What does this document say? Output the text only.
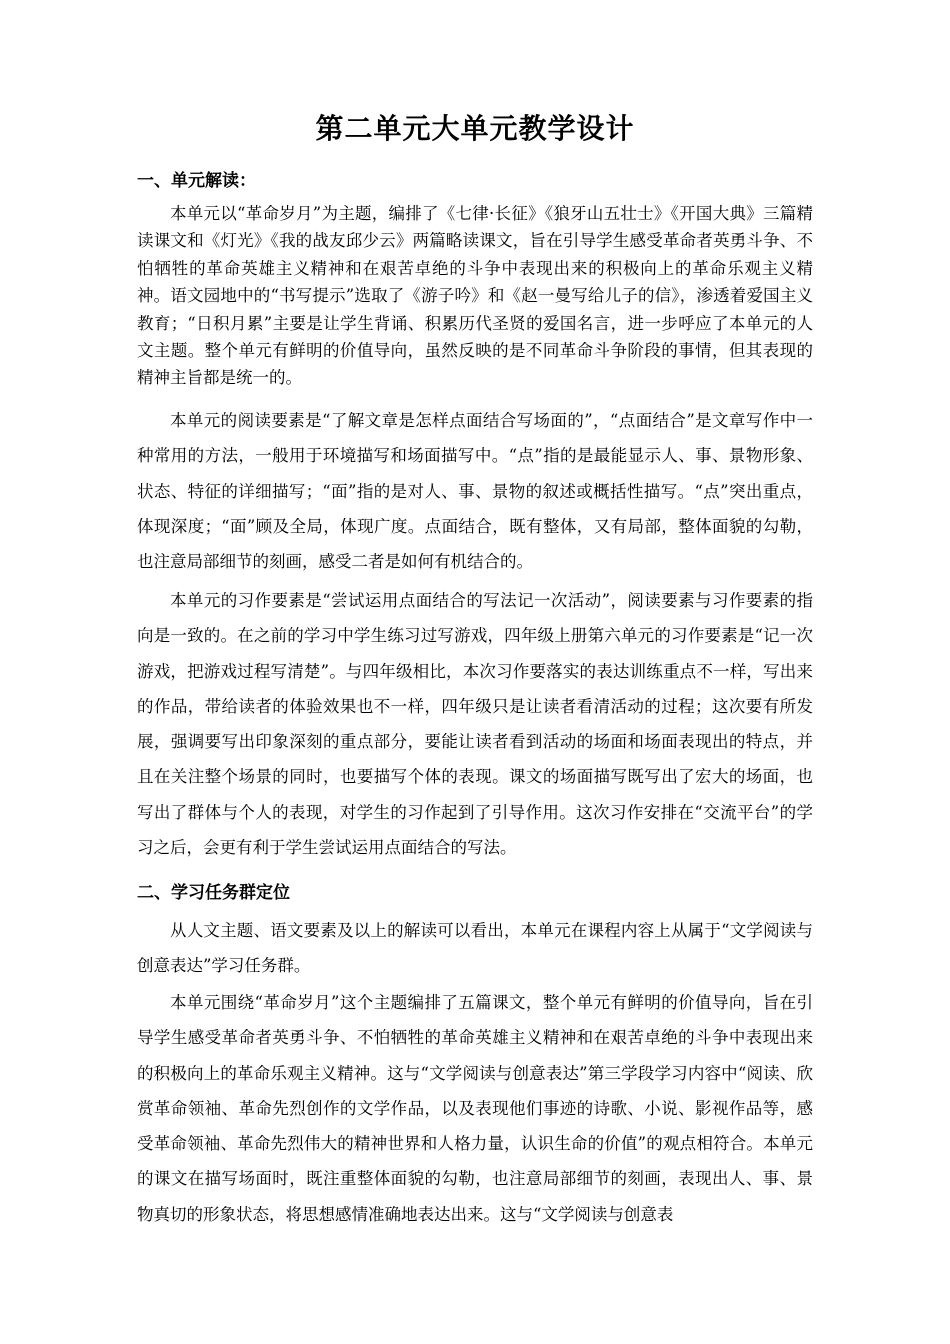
第二单元大单元教学设计
一、单元解读：

本单元以“革命岁月”为主题，编排了《七律·长征》《狼牙山五壮士》《开国大典》三篇精读课文和《灯光》《我的战友邱少云》两篇略读课文，旨在引导学生感受革命者英勇斗争、不怕牺牲的革命英雄主义精神和在艰苦卓绝的斗争中表现出来的积极向上的革命乐观主义精神。语文园地中的“书写提示”选取了《游子吟》和《赵一曼写给儿子的信》，渗透着爱国主义教育；“日积月累”主要是让学生背诵、积累历代圣贤的爱国名言，进一步呼应了本单元的人文主题。整个单元有鲜明的价值导向，虽然反映的是不同革命斗争阶段的事情，但其表现的精神主旨都是统一的。

本单元的阅读要素是“了解文章是怎样点面结合写场面的”，“点面结合”是文章写作中一种常用的方法，一般用于环境描写和场面描写中。“点”指的是最能显示人、事、景物形象、状态、特征的详细描写；“面”指的是对人、事、景物的叙述或概括性描写。“点”突出重点，体现深度；“面”顾及全局，体现广度。点面结合，既有整体，又有局部，整体面貌的勾勒，也注意局部细节的刻画，感受二者是如何有机结合的。

本单元的习作要素是“尝试运用点面结合的写法记一次活动”，阅读要素与习作要素的指向是一致的。在之前的学习中学生练习过写游戏，四年级上册第六单元的习作要素是“记一次游戏，把游戏过程写清楚”。与四年级相比，本次习作要落实的表达训练重点不一样，写出来的作品，带给读者的体验效果也不一样，四年级只是让读者看清活动的过程；这次要有所发展，强调要写出印象深刻的重点部分，要能让读者看到活动的场面和场面表现出的特点，并且在关注整个场景的同时，也要描写个体的表现。课文的场面描写既写出了宏大的场面，也写出了群体与个人的表现，对学生的习作起到了引导作用。这次习作安排在“交流平台”的学习之后，会更有利于学生尝试运用点面结合的写法。

二、学习任务群定位

从人文主题、语文要素及以上的解读可以看出，本单元在课程内容上从属于“文学阅读与创意表达”学习任务群。

本单元围绕“革命岁月”这个主题编排了五篇课文，整个单元有鲜明的价值导向，旨在引导学生感受革命者英勇斗争、不怕牺牲的革命英雄主义精神和在艰苦卓绝的斗争中表现出来的积极向上的革命乐观主义精神。这与“文学阅读与创意表达”第三学段学习内容中“阅读、欣赏革命领袖、革命先烈创作的文学作品，以及表现他们事迹的诗歌、小说、影视作品等，感受革命领袖、革命先烈伟大的精神世界和人格力量，认识生命的价值”的观点相符合。本单元的课文在描写场面时，既注重整体面貌的勾勒，也注意局部细节的刻画，表现出人、事、景物真切的形象状态，将思想感情准确地表达出来。这与“文学阅读与创意表
